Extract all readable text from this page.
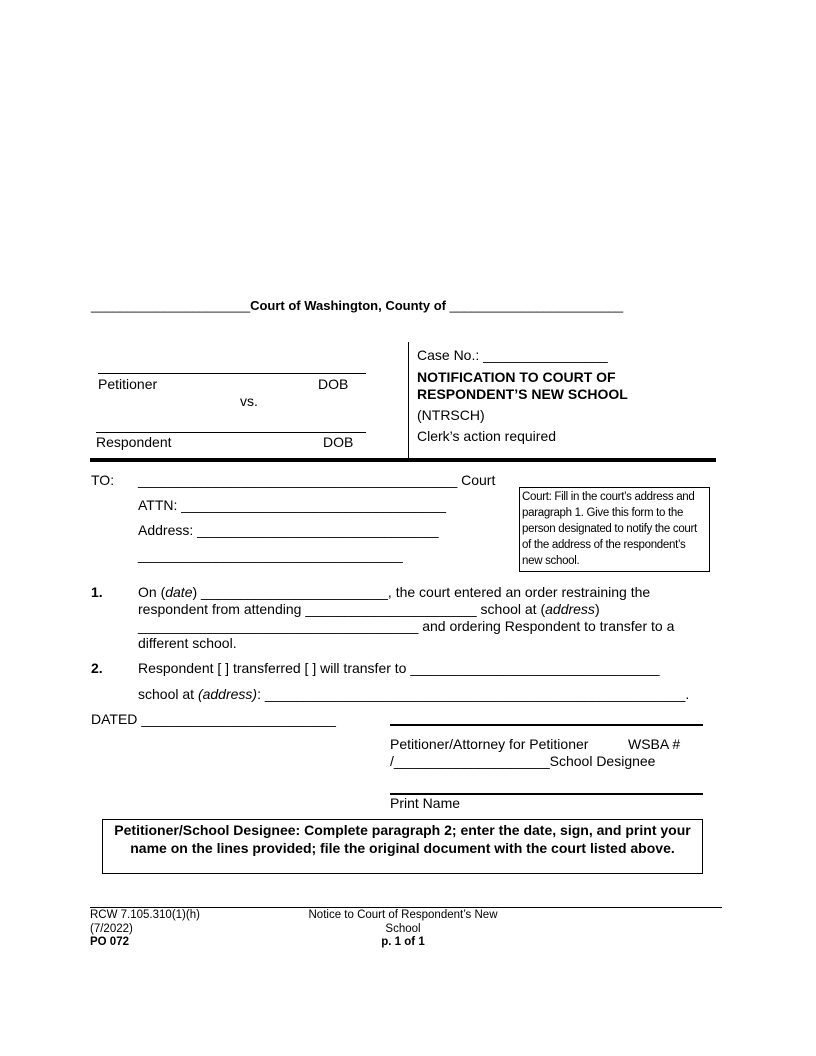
______________________Court of Washington, County of ________________________
Petitioner	DOB
vs.
Respondent	DOB
Case No.: ________________
NOTIFICATION TO COURT OF
RESPONDENT’S NEW SCHOOL
(NTRSCH)
Clerk’s action required
TO: _________________________________________ Court
ATTN: __________________________________
Address: _______________________________
__________________________________
Court: Fill in the court’s address and paragraph 1. Give this form to the person designated to notify the court of the address of the respondent’s new school.
1.	On (date) ________________________, the court entered an order restraining the
respondent from attending ______________________ school at (address)
____________________________________ and ordering Respondent to transfer to a
different school.
2.	Respondent [ ] transferred [ ] will transfer to ________________________________
school at (address): ______________________________________________________.
DATED _________________________
Petitioner/Attorney for Petitioner	WSBA #
/____________________School Designee
Print Name
Petitioner/School Designee: Complete paragraph 2; enter the date, sign, and print your name on the lines provided; file the original document with the court listed above.
RCW 7.105.310(1)(h)
(7/2022)
PO 072
Notice to Court of Respondent’s New
School
p. 1 of 1
